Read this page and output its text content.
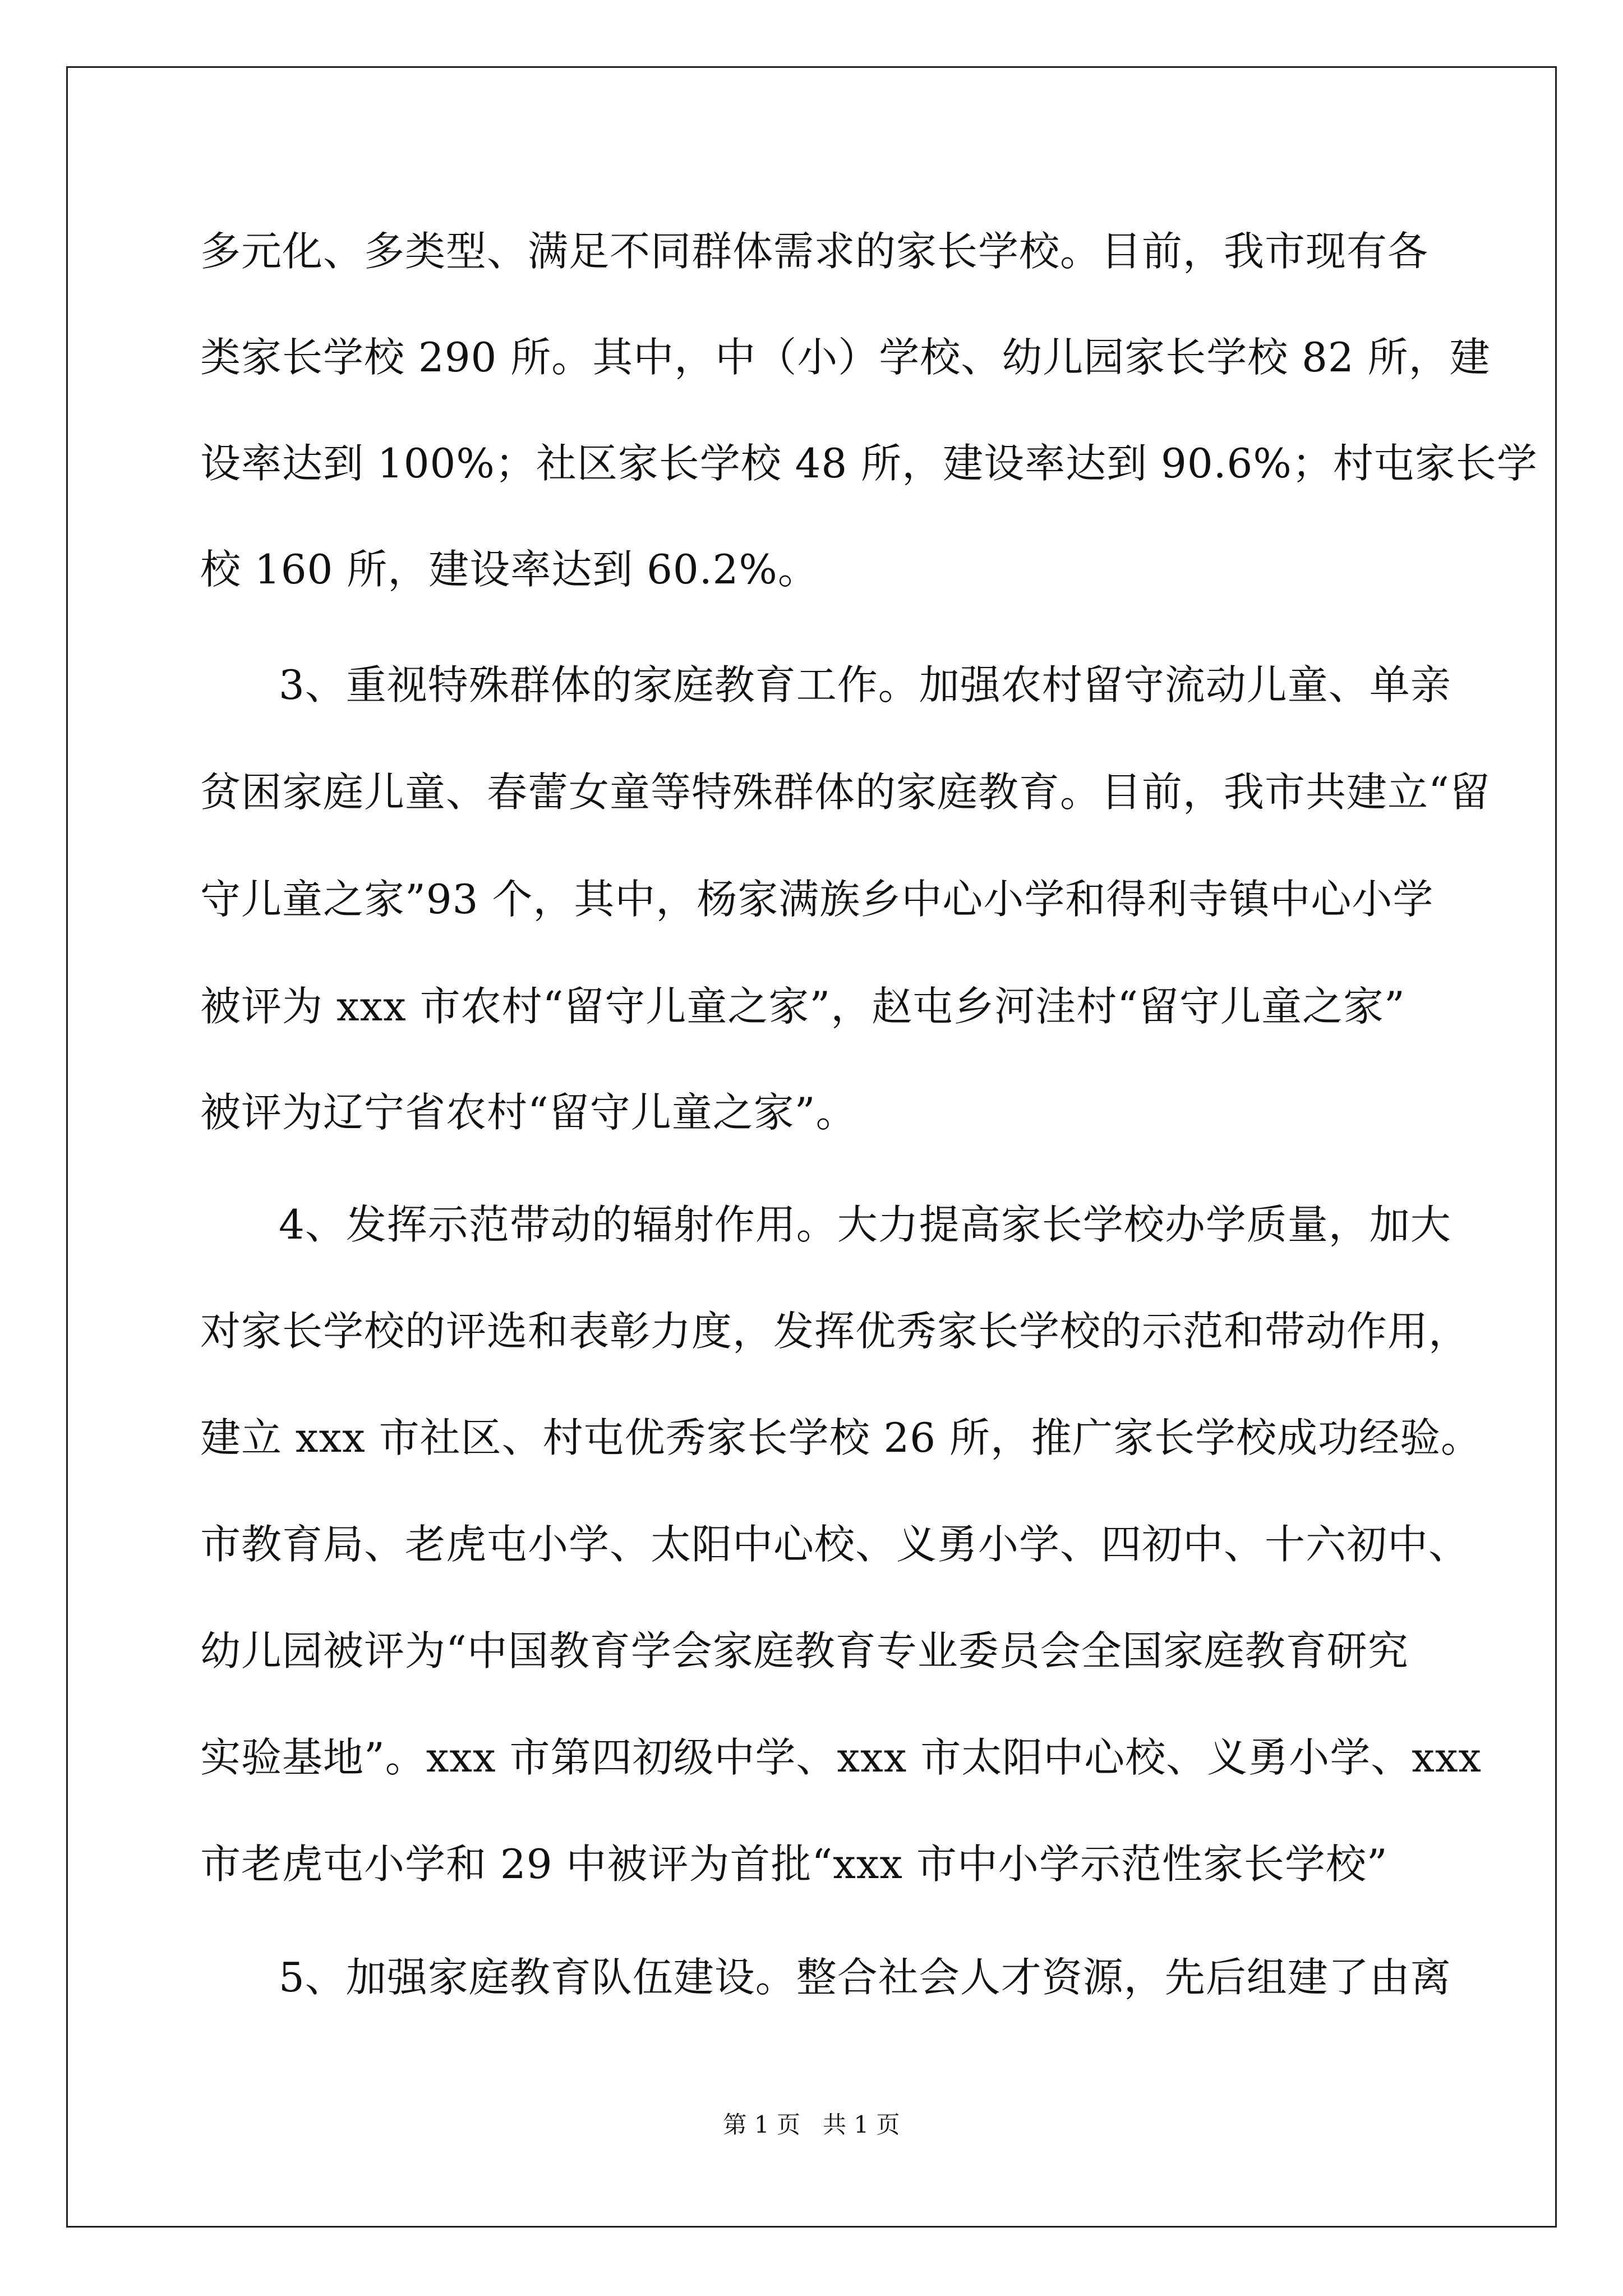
多元化、多类型、满足不同群体需求的家长学校。目前，我市现有各
类家长学校 290 所。其中，中（小）学校、幼儿园家长学校 82 所，建
设率达到 100%；社区家长学校 48 所，建设率达到 90.6%；村屯家长学
校 160 所，建设率达到 60.2%。
3、重视特殊群体的家庭教育工作。加强农村留守流动儿童、单亲
贫困家庭儿童、春蕾女童等特殊群体的家庭教育。目前，我市共建立“留
守儿童之家”93 个，其中，杨家满族乡中心小学和得利寺镇中心小学
被评为 xxx 市农村“留守儿童之家”，赵屯乡河洼村“留守儿童之家”
被评为辽宁省农村“留守儿童之家”。
4、发挥示范带动的辐射作用。大力提高家长学校办学质量，加大
对家长学校的评选和表彰力度，发挥优秀家长学校的示范和带动作用，
建立 xxx 市社区、村屯优秀家长学校 26 所，推广家长学校成功经验。
市教育局、老虎屯小学、太阳中心校、义勇小学、四初中、十六初中、
幼儿园被评为“中国教育学会家庭教育专业委员会全国家庭教育研究
实验基地”。xxx 市第四初级中学、xxx 市太阳中心校、义勇小学、xxx
市老虎屯小学和 29 中被评为首批“xxx 市中小学示范性家长学校”
5、加强家庭教育队伍建设。整合社会人才资源，先后组建了由离
第 1 页   共 1 页
